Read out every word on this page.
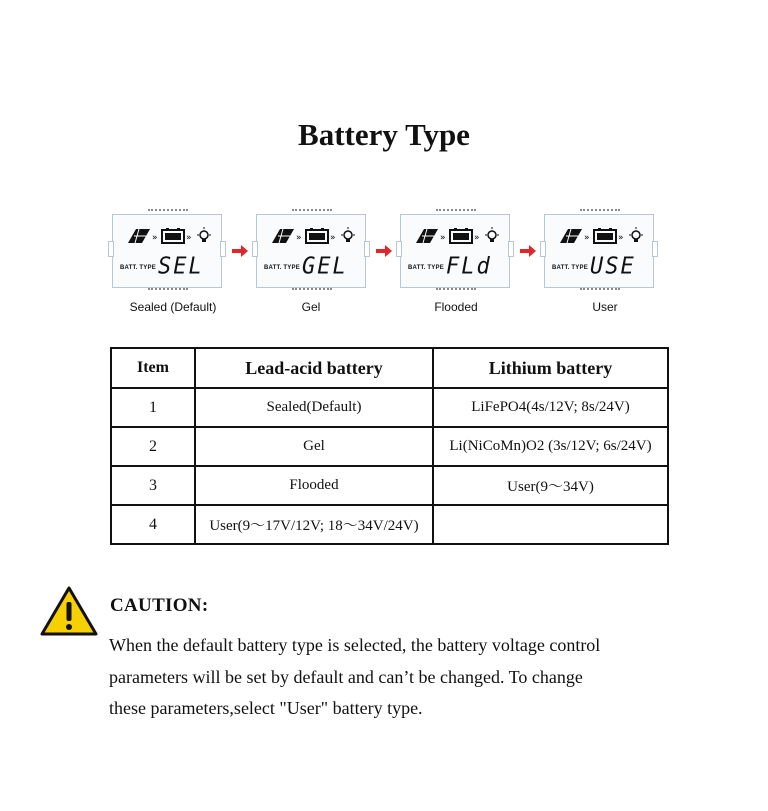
Battery Type
»	»
BATT. TYPE SEL
Sealed (Default)
»	»
BATT. TYPE GEL
Gel
»	»
BATT. TYPE FLd
Flooded
»	»
BATT. TYPE USE
User
Item	Lead-acid battery	Lithium battery
1	Sealed(Default)	LiFePO4(4s/12V; 8s/24V)
2	Gel	Li(NiCoMn)O2 (3s/12V; 6s/24V)
3	Flooded	User(9～34V)
4	User(9～17V/12V; 18～34V/24V)	
CAUTION:
When the default battery type is selected, the battery voltage control
parameters will be set by default and can’t be changed. To change
these parameters,select "User" battery type.
